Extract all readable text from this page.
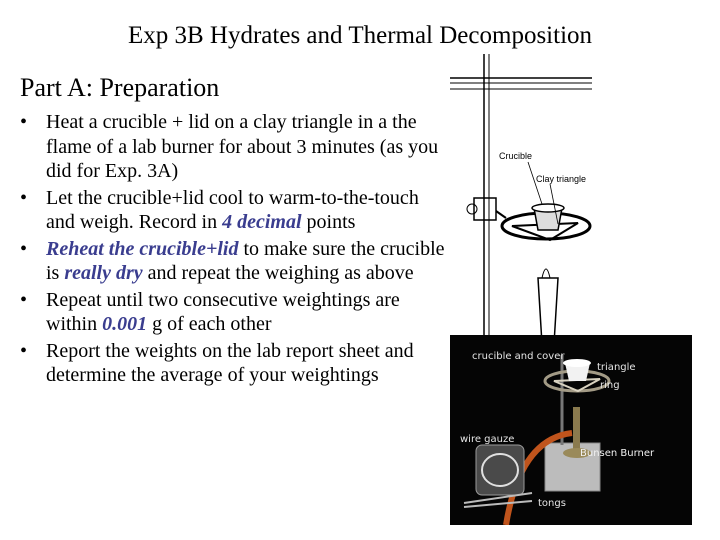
Exp 3B Hydrates and Thermal Decomposition
Part A: Preparation
• Heat a crucible + lid on a clay triangle in a the flame of a lab burner for about 3 minutes (as you did for Exp. 3A)
• Let the crucible+lid cool to warm-to-the-touch and weigh. Record in 4 decimal points
• Reheat the crucible+lid to make sure the crucible is really dry and repeat the weighing as above
• Repeat until two consecutive weightings are within 0.001 g of each other
• Report the weights on the lab report sheet and determine the average of your weightings
Crucible
Clay triangle
crucible and cover
triangle
ring
wire gauze
Bunsen Burner
tongs
